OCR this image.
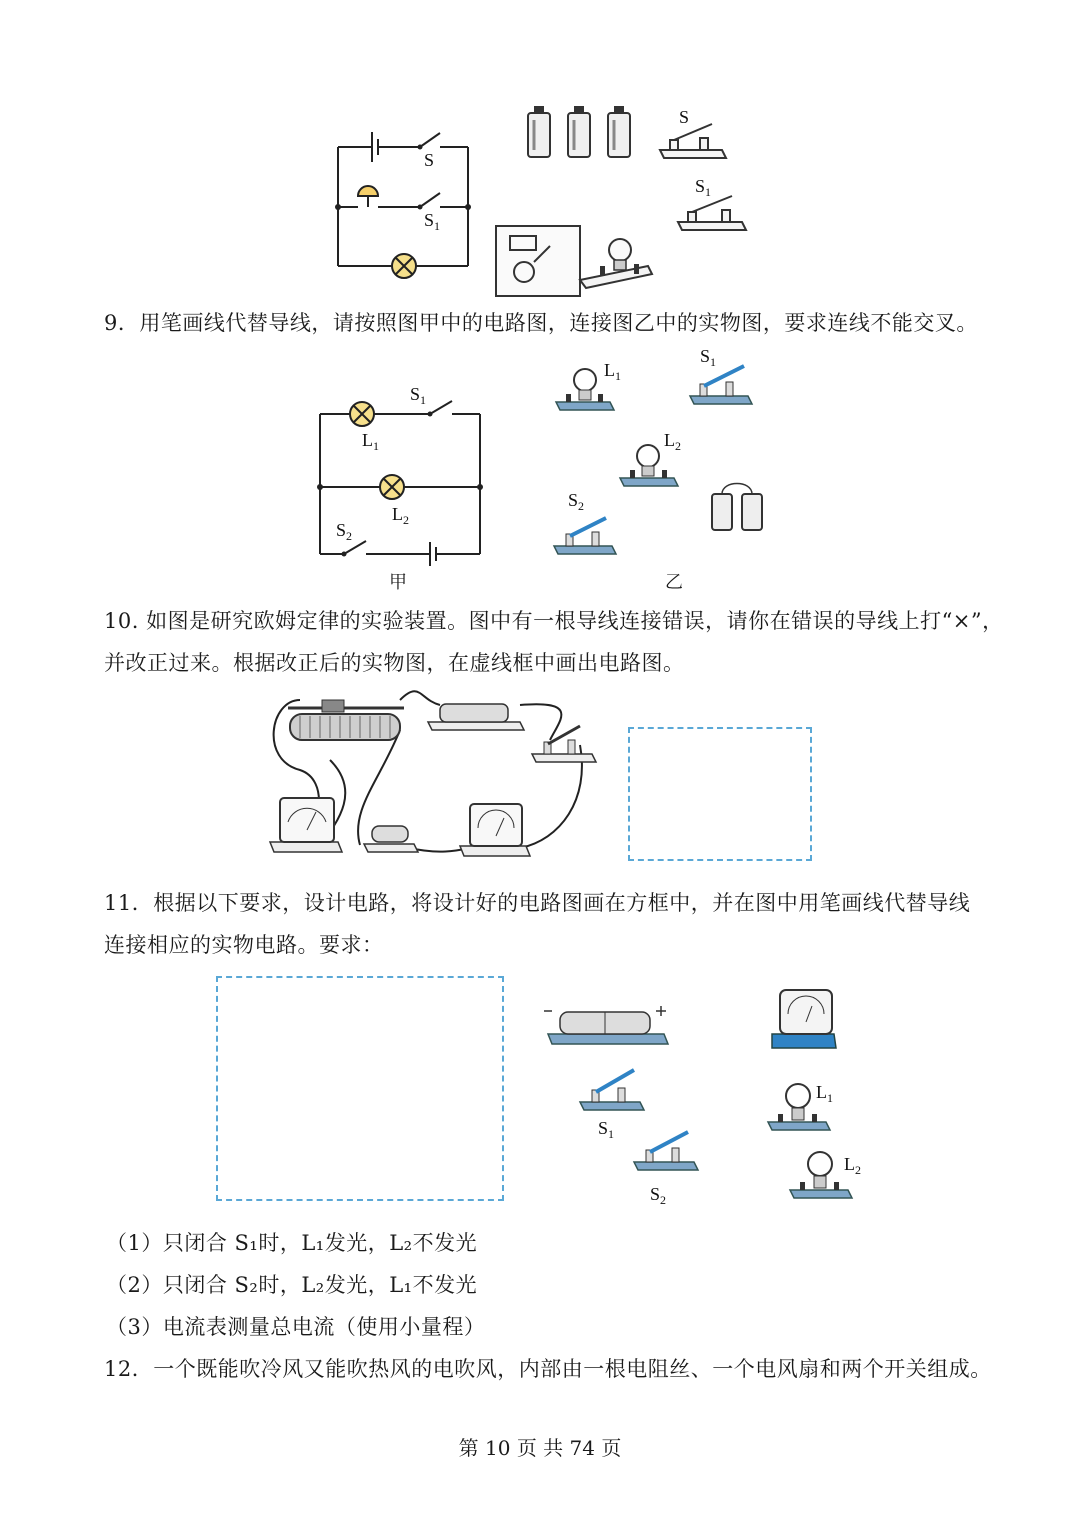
S
$S_1$
S
$S_1$
9．用笔画线代替导线，请按照图甲中的电路图，连接图乙中的实物图，要求连线不能交叉。
$S_1$
$L_1$
$L_2$
$S_2$
$L_1$
$S_1$
$L_2$
$S_2$
甲	乙
10. 如图是研究欧姆定律的实验装置。图中有一根导线连接错误，请你在错误的导线上打“×”，
并改正过来。根据改正后的实物图，在虚线框中画出电路图。
11．根据以下要求，设计电路，将设计好的电路图画在方框中，并在图中用笔画线代替导线
连接相应的实物电路。要求：
$S_1$
$S_2$
$L_1$
$L_2$
（1）只闭合 S₁时，L₁发光，L₂不发光
（2）只闭合 S₂时，L₂发光，L₁不发光
（3）电流表测量总电流（使用小量程）
12．一个既能吹冷风又能吹热风的电吹风，内部由一根电阻丝、一个电风扇和两个开关组成。
第 10 页 共 74 页
